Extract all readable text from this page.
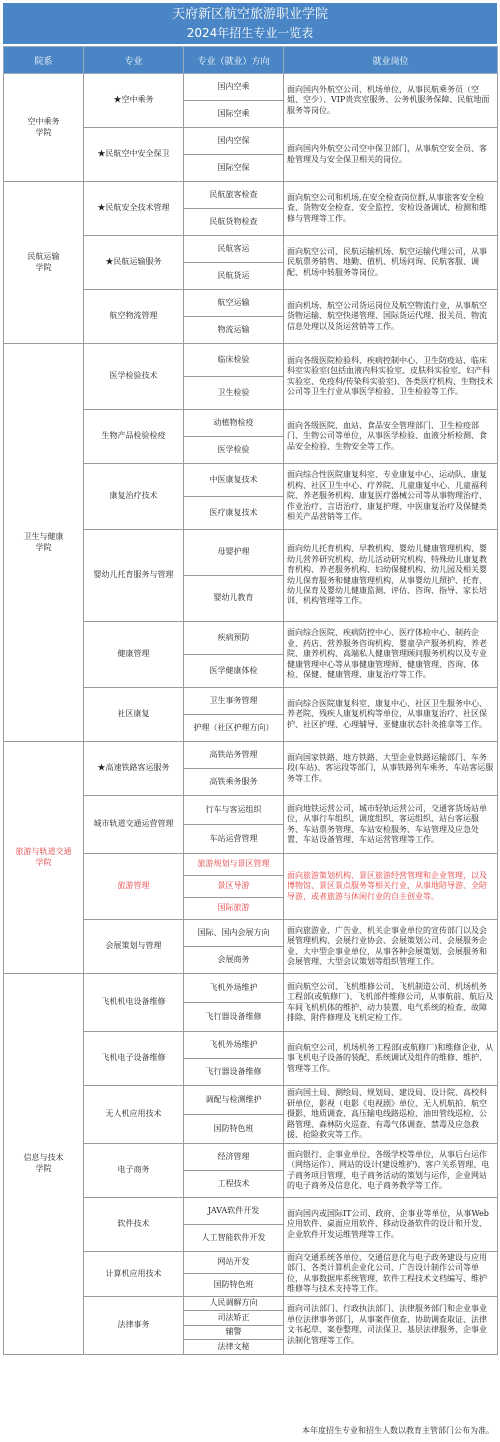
天府新区航空旅游职业学院
2024年招生专业一览表
院系	专业	专业（就业）方向	就业岗位
空中乘务
学院	★空中乘务	国内空乘	面向国内外航空公司、机场单位，从事民航乘务员（空姐、空少）、VIP贵宾室服务、公务机服务保障、民航地面服务等岗位。
		国际空乘	
	★民航空中安全保卫	国内空保	面向国内外航空公司空中保卫部门，从事航空安全员、客舱管理及与安全保卫相关的岗位。
		国际空保	
民航运输
学院	★民航安全技术管理	民航旅客检查	面向航空公司和机场,在安全检查岗位群,从事旅客安全检查、货物安全检查、安全监控、安检设备调试、检测和维修与管理等工作。
		民航货物检查	
	★民航运输服务	民航客运	面向航空公司、民航运输机场、航空运输代理公司，从事民航票务销售、地勤、值机、机场问询、民航客服、调配、机场中转服务等岗位。
		民航货运	
	航空物流管理	航空运输	面向机场、航空公司货运岗位及航空物流行业，从事航空货物运输、航空快递管理、国际货运代理、报关员、物流信息处理以及货运营销等工作。
		物流运输	
卫生与健康
学院	医学检验技术	临床检验	面向各级医院检验科、疾病控制中心、卫生防疫站、临床科室实验室(包括血液内科实验室、皮肤科实验室、妇产科实验室、免疫科/传染科实验室)、各类医疗机构、生物技术公司等卫生行业从事医学检验、卫生检验等工作。
		卫生检验	
	生物产品检验检疫	动植物检疫	面向各级医院、血站、食品安全管理部门、卫生检疫部门、生物公司等单位，从事医学检验、血液分析检测、食品安全检验、生物安全等工作。
		医学检验	
	康复治疗技术	中医康复技术	面向综合性医院康复科室、专业康复中心、运动队、康复机构、社区卫生中心、疗养院、儿童康复中心、儿童福利院、养老服务机构、康复医疗器械公司等从事物理治疗、作业治疗、言语治疗、康复护理、中医康复治疗及保健类相关产品营销等工作。
		医疗康复技术	
	婴幼儿托育服务与管理	母婴护理	面向幼儿托育机构、早教机构、婴幼儿健康管理机构、婴幼儿营养研究机构、幼儿活动研究机构、特殊幼儿康复教育机构、养老服务机构、妇幼保健机构、幼儿园及相关婴幼儿保育服务和健康管理机构，从事婴幼儿照护、托育、幼儿保育及婴幼儿健康监测、评估、咨询、指导、家长培训、机构管理等工作。
		婴幼儿教育	
	健康管理	疾病预防	面向综合医院、疾病防控中心、医疗体检中心、制药企业、药店、营养服务咨询机构、婴童孕产服务机构、养老院、康养机构、高端私人健康管理顾问服务机构以及专业健康管理中心等从事健康管理师、健康管理、咨询、体检、保健、健康管理、康复治疗等工作。
		医学健康体检	
	社区康复	卫生事务管理	面向综合医院康复科室、康复中心、社区卫生服务中心、养老院、残疾人康复机构等单位，从事康复治疗、社区保护、社区护理、心理辅导、亚健康状态针灸推拿等工作。
		护理（社区护理方向）	
旅游与轨道交通
学院	★高速铁路客运服务	高铁站务管理	面向国家铁路、地方铁路、大型企业铁路运输部门、车务段(车站)、客运段等部门，从事铁路列车乘务、车站客运服务等工作。
		高铁乘务服务	
	城市轨道交通运营管理	行车与客运组织	面向地铁运营公司，城市轻轨运营公司，交通客货场站单位，从事行车组织、调度组织、客运组织、站台客运服务、车站票务管理、车站安检服务、车站管理及应急处置、车站设备管理、车站运营管理等工作。
		车站运营管理	
	旅游管理	旅游规划与景区管理	面向旅游策划机构、景区旅游经营管理和企业管理，以及博物馆、景区景点服务等相关行业，从事地陪导游、全陪导游，或者旅游与休闲行业的自主创业等。
		景区导游	
		国际旅游	
	会展策划与管理	国际、国内会展方向	面向旅游业、广告业、机关企事业单位的宣传部门以及会展管理机构、会展行业协会、会展策划公司、会展服务企业、大中型企事业单位，从事各种会展策划、会展服务和会展管理、大型会议策划等组织管理工作。
		会展商务	
信息与技术
学院	飞机机电设备维修	飞机外场维护	面向航空公司、飞机维修公司、飞机制造公司、机场机务工程部(或航修厂)、飞机部件维修公司，从事航前、航后及车间飞机机体的维护、动力装置、电气系统的检查、故障排除、附件修理及飞机定检工作。
		飞行器设备维修	
	飞机电子设备维修	飞机外场维护	面向航空公司，机场机务工程部(或航修厂)和维修企业，从事飞机电子设备的装配、系统调试及组件的维修、维护、管理等工作。
		飞行器设备维修	
	无人机应用技术	调配与检测维护	面向国土局、测绘局、规划局、建设局、设计院、高校科研单位，影视（电影《电视剧》单位、无人机航拍、航空摄影、地质调查、高压输电线路巡检、油田管线巡检、公路管理、森林防火巡查、有毒气体调查、禁毒及应急救援、抢险救灾等工作。
		国防特色班	
	电子商务	经济管理	面向银行、企事业单位、各级学校等单位，从事后台运作（网络运作）、网站的设计(建设维护)、客户关系管理、电子商务项目管理、电子商务活动的策划与运作，企业网站的电子商务及信息化、电子商务教学等工作。
		工程技术	
	软件技术	JAVA软件开发	面向国内或国际IT公司、政府、企事业等单位，从事Web应用软件、桌面应用软件、移动设备软件的设计和开发、企业软件开发运维管理等工作。
		人工智能软件开发	
	计算机应用技术	网站开发	面向交通系统各单位、交通信息化与电子政务建设与应用部门、各类计算机企业化公司、广告设计制作公司等单位，从事数据库系统管理、软件工程技术文档编写、维护维修等与技术支持等工作。
		国防特色班	
	法律事务	人民调解方向	面向司法部门、行政执法部门、法律服务部门和企业事业单位法律事务部门，从事案件侦查、协助调查取证、法律文书起草、案卷整理、司法保卫、基层法律服务、企事业法制化管理等工作。
		司法矫正	
		辅警	
		法律文秘	
本年度招生专业和招生人数以教育主管部门公布为准。
